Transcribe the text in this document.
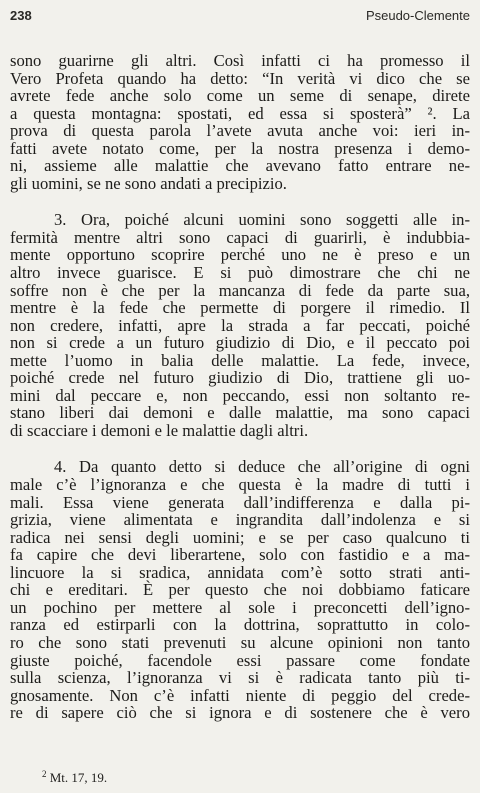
238	Pseudo-Clemente
sono guarirne gli altri. Così infatti ci ha promesso il
Vero Profeta quando ha detto: “In verità vi dico che se
avrete fede anche solo come un seme di senape, direte
a questa montagna: spostati, ed essa si sposterà” ². La
prova di questa parola l’avete avuta anche voi: ieri in-
fatti avete notato come, per la nostra presenza i demo-
ni, assieme alle malattie che avevano fatto entrare ne-
gli uomini, se ne sono andati a precipizio.
3. Ora, poiché alcuni uomini sono soggetti alle in-
fermità mentre altri sono capaci di guarirli, è indubbia-
mente opportuno scoprire perché uno ne è preso e un
altro invece guarisce. E si può dimostrare che chi ne
soffre non è che per la mancanza di fede da parte sua,
mentre è la fede che permette di porgere il rimedio. Il
non credere, infatti, apre la strada a far peccati, poiché
non si crede a un futuro giudizio di Dio, e il peccato poi
mette l’uomo in balia delle malattie. La fede, invece,
poiché crede nel futuro giudizio di Dio, trattiene gli uo-
mini dal peccare e, non peccando, essi non soltanto re-
stano liberi dai demoni e dalle malattie, ma sono capaci
di scacciare i demoni e le malattie dagli altri.
4. Da quanto detto si deduce che all’origine di ogni
male c’è l’ignoranza e che questa è la madre di tutti i
mali. Essa viene generata dall’indifferenza e dalla pi-
grizia, viene alimentata e ingrandita dall’indolenza e si
radica nei sensi degli uomini; e se per caso qualcuno ti
fa capire che devi liberartene, solo con fastidio e a ma-
lincuore la si sradica, annidata com’è sotto strati anti-
chi e ereditari. È per questo che noi dobbiamo faticare
un pochino per mettere al sole i preconcetti dell’igno-
ranza ed estirparli con la dottrina, soprattutto in colo-
ro che sono stati prevenuti su alcune opinioni non tanto
giuste poiché, facendole essi passare come fondate
sulla scienza, l’ignoranza vi si è radicata tanto più ti-
gnosamente. Non c’è infatti niente di peggio del crede-
re di sapere ciò che si ignora e di sostenere che è vero
$^2$ Mt. 17, 19.
